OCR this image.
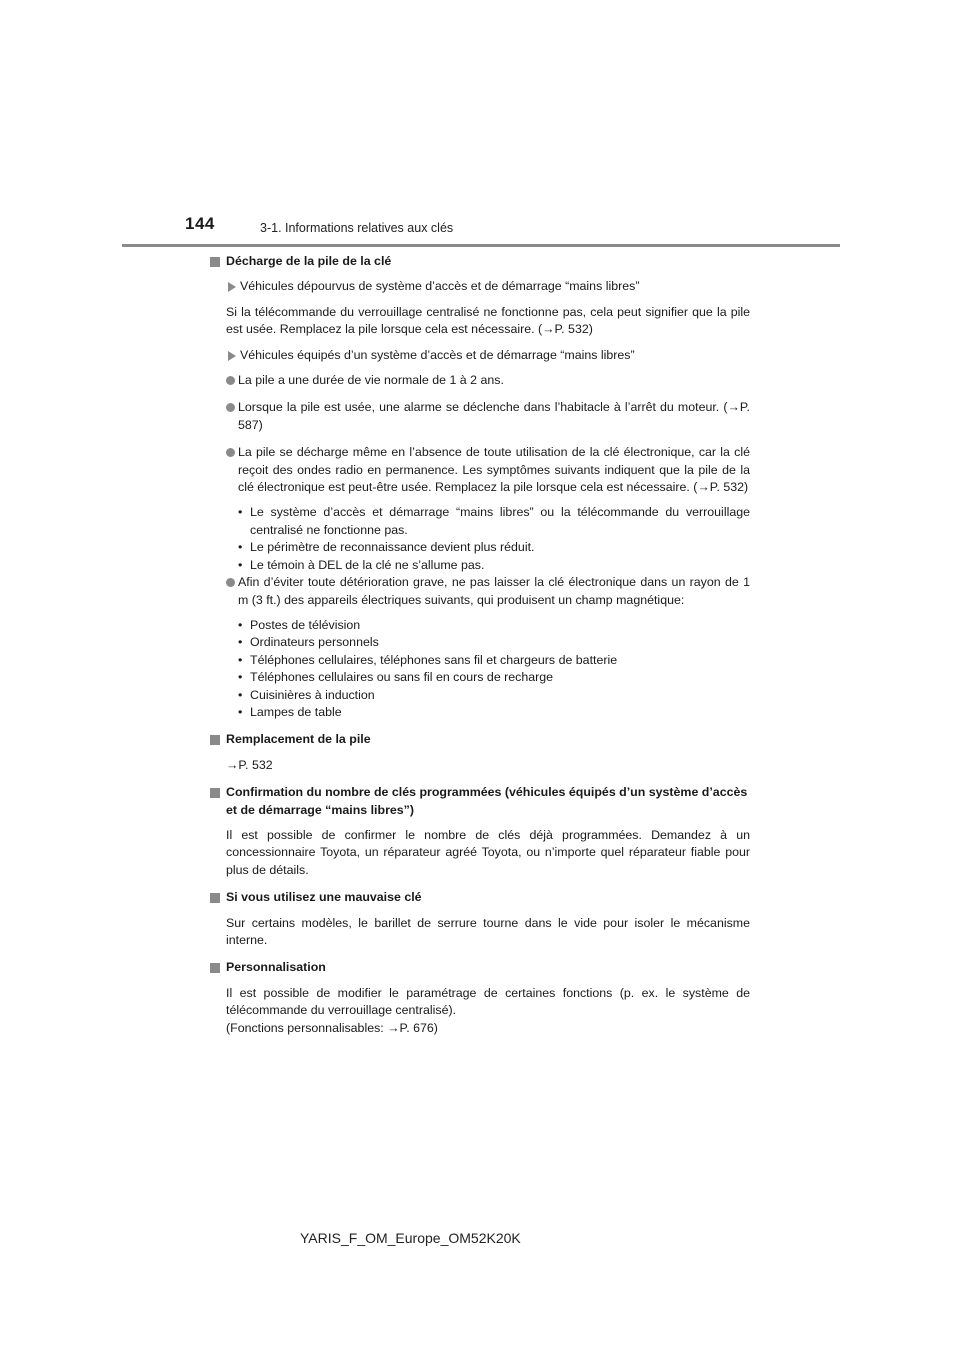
144	3-1. Informations relatives aux clés

Décharge de la pile de la clé

Véhicules dépourvus de système d’accès et de démarrage “mains libres”

Si la télécommande du verrouillage centralisé ne fonctionne pas, cela peut signifier que la pile est usée. Remplacez la pile lorsque cela est nécessaire. (→P. 532)

Véhicules équipés d’un système d’accès et de démarrage “mains libres”

La pile a une durée de vie normale de 1 à 2 ans.

Lorsque la pile est usée, une alarme se déclenche dans l’habitacle à l’arrêt du moteur. (→P. 587)

La pile se décharge même en l’absence de toute utilisation de la clé électronique, car la clé reçoit des ondes radio en permanence. Les symptômes suivants indiquent que la pile de la clé électronique est peut-être usée. Remplacez la pile lorsque cela est nécessaire. (→P. 532)

• Le système d’accès et démarrage “mains libres” ou la télécommande du verrouillage centralisé ne fonctionne pas.
• Le périmètre de reconnaissance devient plus réduit.
• Le témoin à DEL de la clé ne s’allume pas.

Afin d’éviter toute détérioration grave, ne pas laisser la clé électronique dans un rayon de 1 m (3 ft.) des appareils électriques suivants, qui produisent un champ magnétique:

• Postes de télévision
• Ordinateurs personnels
• Téléphones cellulaires, téléphones sans fil et chargeurs de batterie
• Téléphones cellulaires ou sans fil en cours de recharge
• Cuisinières à induction
• Lampes de table

Remplacement de la pile

→P. 532

Confirmation du nombre de clés programmées (véhicules équipés d’un système d’accès et de démarrage “mains libres”)

Il est possible de confirmer le nombre de clés déjà programmées. Demandez à un concessionnaire Toyota, un réparateur agréé Toyota, ou n’importe quel réparateur fiable pour plus de détails.

Si vous utilisez une mauvaise clé

Sur certains modèles, le barillet de serrure tourne dans le vide pour isoler le mécanisme interne.

Personnalisation

Il est possible de modifier le paramétrage de certaines fonctions (p. ex. le système de télécommande du verrouillage centralisé).

(Fonctions personnalisables: →P. 676)

YARIS_F_OM_Europe_OM52K20K
